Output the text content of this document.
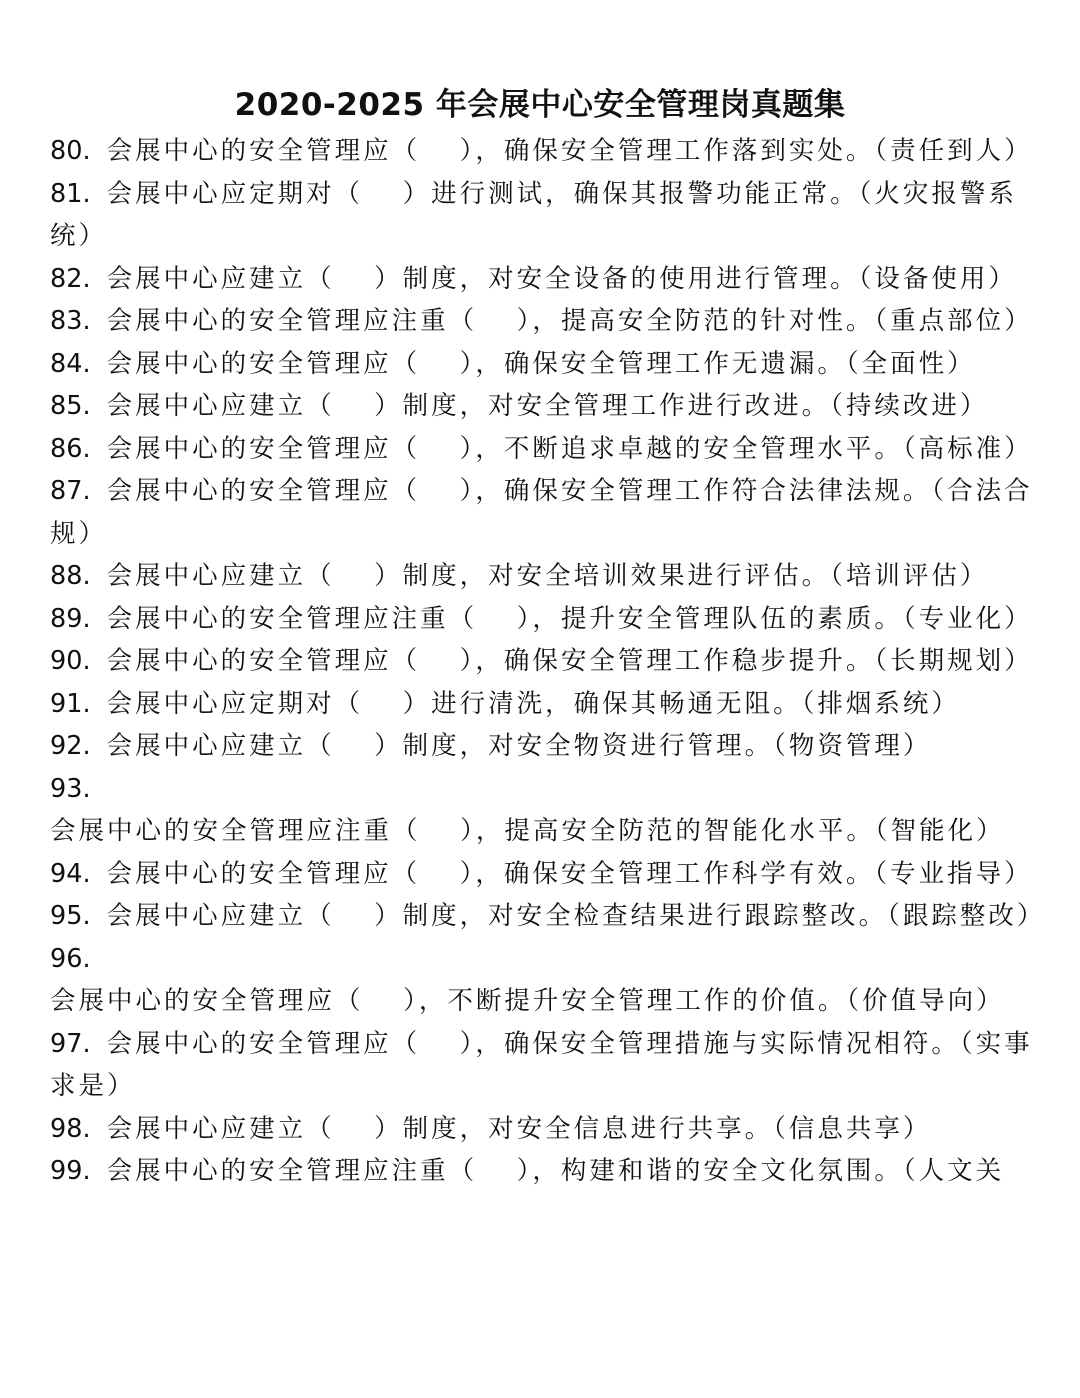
2020-2025 年会展中心安全管理岗真题集
80. 会展中心的安全管理应（　 ），确保安全管理工作落到实处。（责任到人）
81. 会展中心应定期对（　 ）进行测试，确保其报警功能正常。（火灾报警系统）
82. 会展中心应建立（　 ）制度，对安全设备的使用进行管理。（设备使用）
83. 会展中心的安全管理应注重（　 ），提高安全防范的针对性。（重点部位）
84. 会展中心的安全管理应（　 ），确保安全管理工作无遗漏。（全面性）
85. 会展中心应建立（　 ）制度，对安全管理工作进行改进。（持续改进）
86. 会展中心的安全管理应（　 ），不断追求卓越的安全管理水平。（高标准）
87. 会展中心的安全管理应（　 ），确保安全管理工作符合法律法规。（合法合规）
88. 会展中心应建立（　 ）制度，对安全培训效果进行评估。（培训评估）
89. 会展中心的安全管理应注重（　 ），提升安全管理队伍的素质。（专业化）
90. 会展中心的安全管理应（　 ），确保安全管理工作稳步提升。（长期规划）
91. 会展中心应定期对（　 ）进行清洗，确保其畅通无阻。（排烟系统）
92. 会展中心应建立（　 ）制度，对安全物资进行管理。（物资管理）
93.会展中心的安全管理应注重（　 ），提高安全防范的智能化水平。（智能化）
94. 会展中心的安全管理应（　 ），确保安全管理工作科学有效。（专业指导）
95. 会展中心应建立（　 ）制度，对安全检查结果进行跟踪整改。（跟踪整改）
96.会展中心的安全管理应（　 ），不断提升安全管理工作的价值。（价值导向）
97. 会展中心的安全管理应（　 ），确保安全管理措施与实际情况相符。（实事求是）
98. 会展中心应建立（　 ）制度，对安全信息进行共享。（信息共享）
99. 会展中心的安全管理应注重（　 ），构建和谐的安全文化氛围。（人文关
